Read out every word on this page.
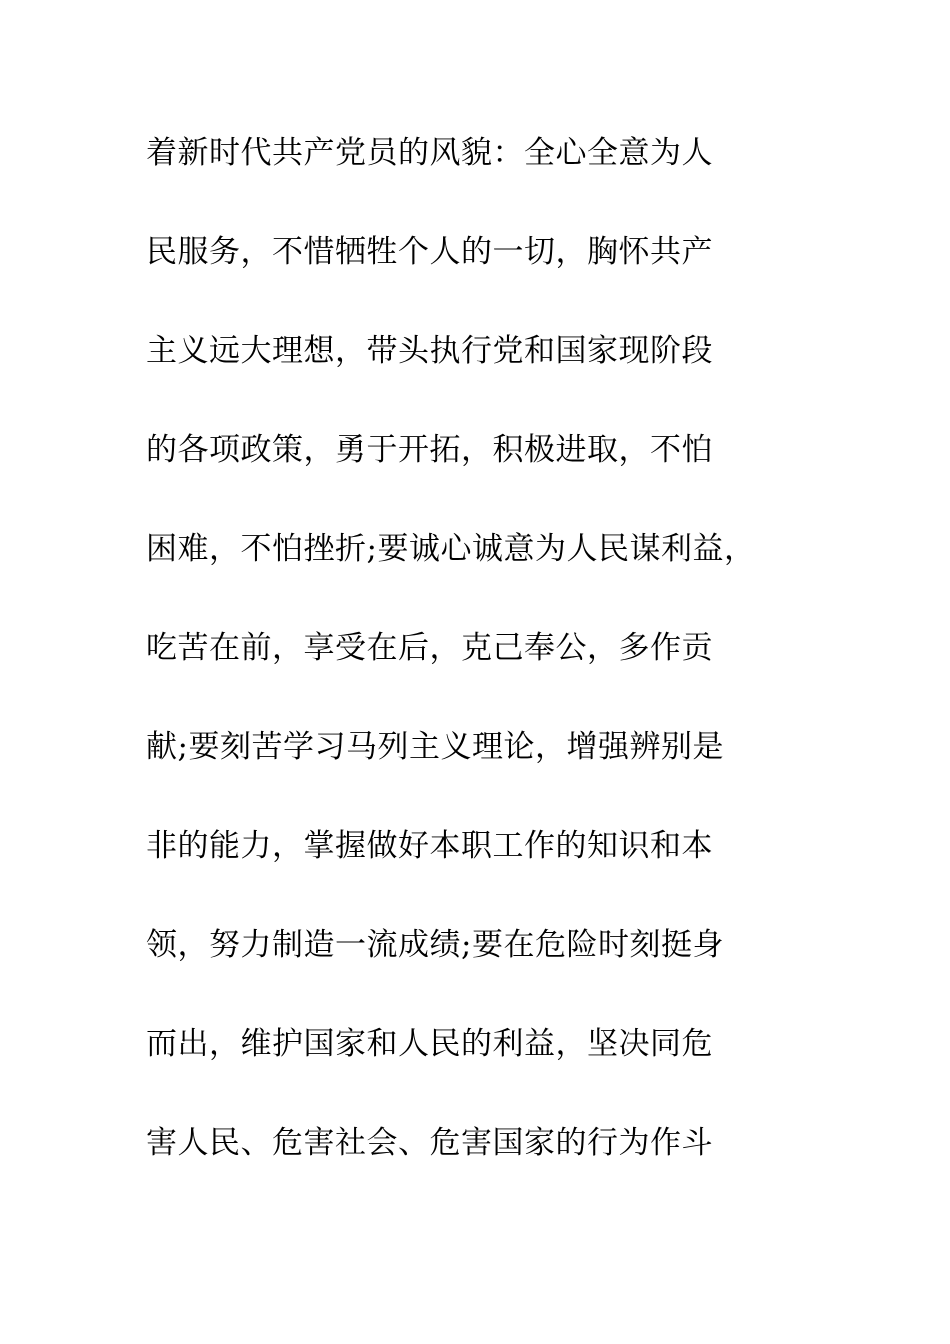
着新时代共产党员的风貌：全心全意为人
民服务，不惜牺牲个人的一切，胸怀共产
主义远大理想，带头执行党和国家现阶段
的各项政策，勇于开拓，积极进取，不怕
困难，不怕挫折;要诚心诚意为人民谋利益，
吃苦在前，享受在后，克己奉公，多作贡
献;要刻苦学习马列主义理论，增强辨别是
非的能力，掌握做好本职工作的知识和本
领，努力制造一流成绩;要在危险时刻挺身
而出，维护国家和人民的利益，坚决同危
害人民、危害社会、危害国家的行为作斗
